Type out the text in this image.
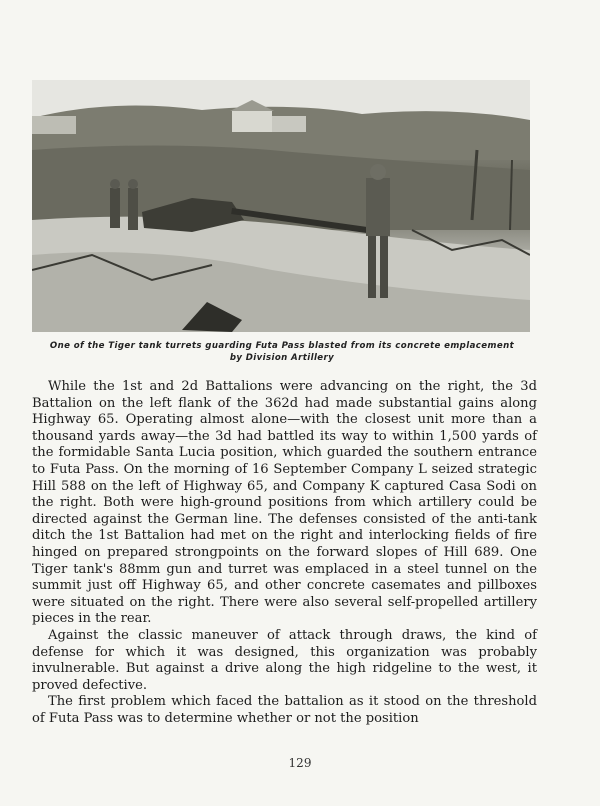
One of the Tiger tank turrets guarding Futa Pass blasted from its concrete emplacement
by Division Artillery

While the 1st and 2d Battalions were advancing on the right, the 3d Battalion on the left flank of the 362d had made substantial gains along Highway 65. Operating almost alone—with the closest unit more than a thousand yards away—the 3d had battled its way to within 1,500 yards of the formidable Santa Lucia position, which guarded the southern entrance to Futa Pass. On the morning of 16 September Company L seized strategic Hill 588 on the left of Highway 65, and Company K captured Casa Sodi on the right. Both were high-ground positions from which artillery could be directed against the German line. The defenses consisted of the anti-tank ditch the 1st Battalion had met on the right and interlocking fields of fire hinged on prepared strongpoints on the forward slopes of Hill 689. One Tiger tank's 88mm gun and turret was emplaced in a steel tunnel on the summit just off Highway 65, and other concrete casemates and pillboxes were situated on the right. There were also several self-propelled artillery pieces in the rear.

Against the classic maneuver of attack through draws, the kind of defense for which it was designed, this organization was probably invulnerable. But against a drive along the high ridgeline to the west, it proved defective.

The first problem which faced the battalion as it stood on the threshold of Futa Pass was to determine whether or not the position

129
